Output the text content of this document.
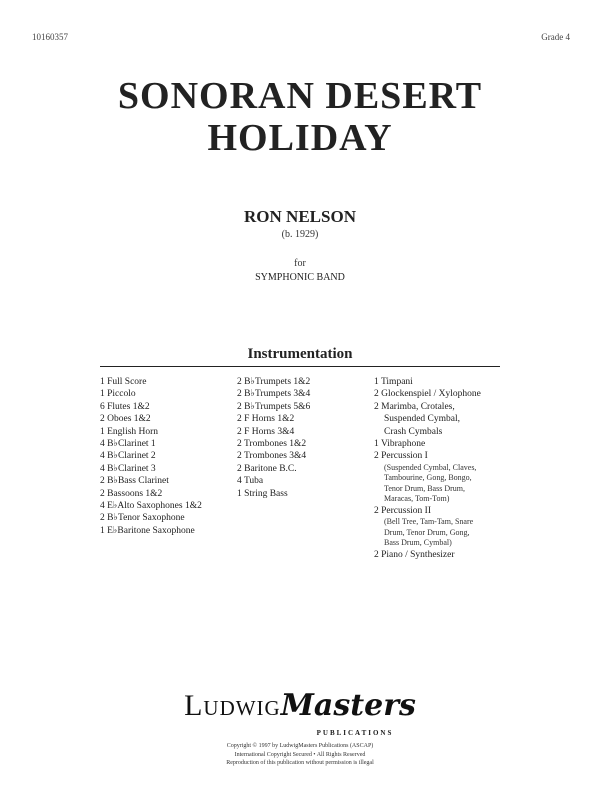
10160357	Grade 4
SONORAN DESERT
HOLIDAY
RON NELSON
(b. 1929)
for
SYMPHONIC BAND
Instrumentation
1 Full Score
1 Piccolo
6 Flutes 1&2
2 Oboes 1&2
1 English Horn
4 B♭Clarinet 1
4 B♭Clarinet 2
4 B♭Clarinet 3
2 B♭Bass Clarinet
2 Bassoons 1&2
4 E♭Alto Saxophones 1&2
2 B♭Tenor Saxophone
1 E♭Baritone Saxophone
2 B♭Trumpets 1&2
2 B♭Trumpets 3&4
2 B♭Trumpets 5&6
2 F Horns 1&2
2 F Horns 3&4
2 Trombones 1&2
2 Trombones 3&4
2 Baritone B.C.
4 Tuba
1 String Bass
1 Timpani
2 Glockenspiel / Xylophone
2 Marimba, Crotales,
Suspended Cymbal,
Crash Cymbals
1 Vibraphone
2 Percussion I
(Suspended Cymbal, Claves,
Tambourine, Gong, Bongo,
Tenor Drum, Bass Drum,
Maracas, Tom-Tom)
2 Percussion II
(Bell Tree, Tam-Tam, Snare
Drum, Tenor Drum, Gong,
Bass Drum, Cymbal)
2 Piano / Synthesizer
LudwigMasters
PUBLICATIONS
Copyright © 1997 by LudwigMasters Publications (ASCAP)
International Copyright Secured • All Rights Reserved
Reproduction of this publication without permission is illegal
